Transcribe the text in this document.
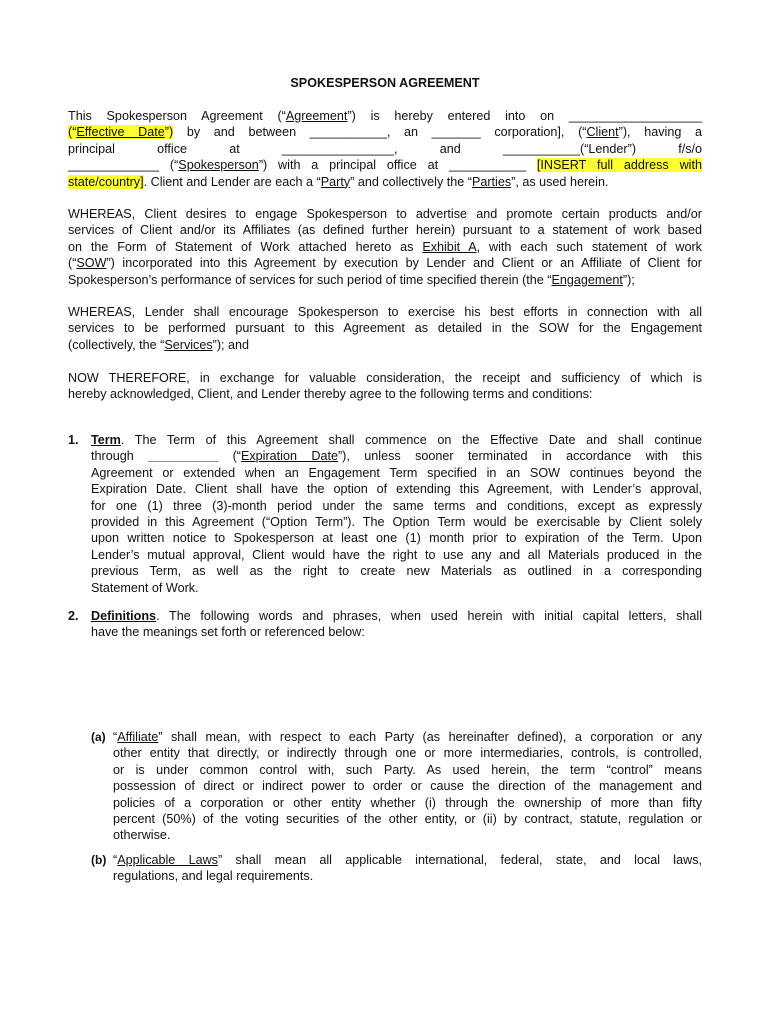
SPOKESPERSON AGREEMENT
This Spokesperson Agreement (“Agreement”) is hereby entered into on ___________________
(“Effective Date”) by and between ___________, an _______ corporation], (“Client”), having a
principal	office	at	________________,	and	___________(“Lender”)	f/s/o
_____________ (“Spokesperson”) with a principal office at ___________ [INSERT full address with
state/country]. Client and Lender are each a “Party” and collectively the “Parties”, as used herein.
WHEREAS, Client desires to engage Spokesperson to advertise and promote certain products and/or
services of Client and/or its Affiliates (as defined further herein) pursuant to a statement of work based
on the Form of Statement of Work attached hereto as Exhibit A, with each such statement of work
(“SOW”) incorporated into this Agreement by execution by Lender and Client or an Affiliate of Client for
Spokesperson’s performance of services for such period of time specified therein (the “Engagement”);
WHEREAS, Lender shall encourage Spokesperson to exercise his best efforts in connection with all
services to be performed pursuant to this Agreement as detailed in the SOW for the Engagement
(collectively, the “Services”); and
NOW THEREFORE, in exchange for valuable consideration, the receipt and sufficiency of which is
hereby acknowledged, Client, and Lender thereby agree to the following terms and conditions:
1. Term. The Term of this Agreement shall commence on the Effective Date and shall continue
through __________ (“Expiration Date”), unless sooner terminated in accordance with this
Agreement or extended when an Engagement Term specified in an SOW continues beyond the
Expiration Date. Client shall have the option of extending this Agreement, with Lender’s approval,
for one (1) three (3)-month period under the same terms and conditions, except as expressly
provided in this Agreement (“Option Term”). The Option Term would be exercisable by Client solely
upon written notice to Spokesperson at least one (1) month prior to expiration of the Term. Upon
Lender’s mutual approval, Client would have the right to use any and all Materials produced in the
previous Term, as well as the right to create new Materials as outlined in a corresponding
Statement of Work.
2. Definitions. The following words and phrases, when used herein with initial capital letters, shall
have the meanings set forth or referenced below:
(a) “Affiliate” shall mean, with respect to each Party (as hereinafter defined), a corporation or any
other entity that directly, or indirectly through one or more intermediaries, controls, is controlled,
or is under common control with, such Party. As used herein, the term “control” means
possession of direct or indirect power to order or cause the direction of the management and
policies of a corporation or other entity whether (i) through the ownership of more than fifty
percent (50%) of the voting securities of the other entity, or (ii) by contract, statute, regulation or
otherwise.
(b) “Applicable Laws” shall mean all applicable international, federal, state, and local laws,
regulations, and legal requirements.
